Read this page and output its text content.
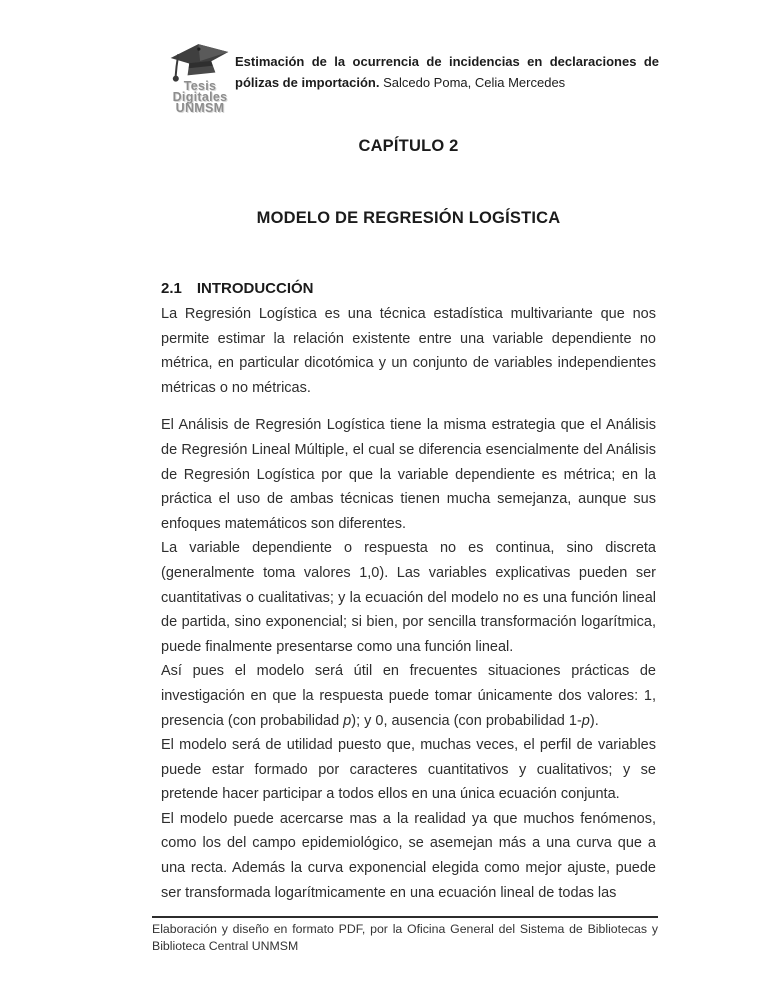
Tesis
Digitales
UNMSM
Estimación de la ocurrencia de incidencias en declaraciones de pólizas de importación. Salcedo Poma, Celia Mercedes
CAPÍTULO 2
MODELO DE REGRESIÓN LOGÍSTICA
2.1 INTRODUCCIÓN

La Regresión Logística es una técnica estadística multivariante que nos permite estimar la relación existente entre una variable dependiente no métrica, en particular dicotómica y un conjunto de variables independientes métricas o no métricas.

El Análisis de Regresión Logística tiene la misma estrategia que el Análisis de Regresión Lineal Múltiple, el cual se diferencia esencialmente del Análisis de Regresión Logística por que la variable dependiente es métrica; en la práctica el uso de ambas técnicas tienen mucha semejanza, aunque sus enfoques matemáticos son diferentes.

La variable dependiente o respuesta no es continua, sino discreta (generalmente toma valores 1,0). Las variables explicativas pueden ser cuantitativas o cualitativas; y la ecuación del modelo no es una función lineal de partida, sino exponencial; si bien, por sencilla transformación logarítmica, puede finalmente presentarse como una función lineal.

Así pues el modelo será útil en frecuentes situaciones prácticas de investigación en que la respuesta puede tomar únicamente dos valores: 1, presencia (con probabilidad p); y 0, ausencia (con probabilidad 1-p).

El modelo será de utilidad puesto que, muchas veces, el perfil de variables puede estar formado por caracteres cuantitativos y cualitativos; y se pretende hacer participar a todos ellos en una única ecuación conjunta.

El modelo puede acercarse mas a la realidad ya que muchos fenómenos, como los del campo epidemiológico, se asemejan más a una curva que a una recta. Además la curva exponencial elegida como mejor ajuste, puede ser transformada logarítmicamente en una ecuación lineal de todas las

Elaboración y diseño en formato PDF, por la Oficina General del Sistema de Bibliotecas y Biblioteca Central UNMSM
